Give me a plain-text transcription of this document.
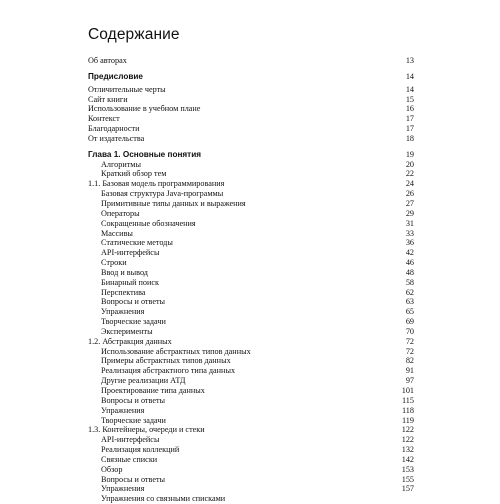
Содержание
Об авторах	13
Предисловие	14
Отличительные черты	14
Сайт книги	15
Использование в учебном плане	16
Контекст	17
Благодарности	17
От издательства	18
Глава 1. Основные понятия	19
Алгоритмы	20
Краткий обзор тем	22
1.1. Базовая модель программирования	24
Базовая структура Java-программы	26
Примитивные типы данных и выражения	27
Операторы	29
Сокращенные обозначения	31
Массивы	33
Статические методы	36
API-интерфейсы	42
Строки	46
Ввод и вывод	48
Бинарный поиск	58
Перспектива	62
Вопросы и ответы	63
Упражнения	65
Творческие задачи	69
Эксперименты	70
1.2. Абстракция данных	72
Использование абстрактных типов данных	72
Примеры абстрактных типов данных	82
Реализация абстрактного типа данных	91
Другие реализации АТД	97
Проектирование типа данных	101
Вопросы и ответы	115
Упражнения	118
Творческие задачи	119
1.3. Контейнеры, очереди и стеки	122
API-интерфейсы	122
Реализация коллекций	132
Связные списки	142
Обзор	153
Вопросы и ответы	155
Упражнения	157
Упражнения со связными списками
